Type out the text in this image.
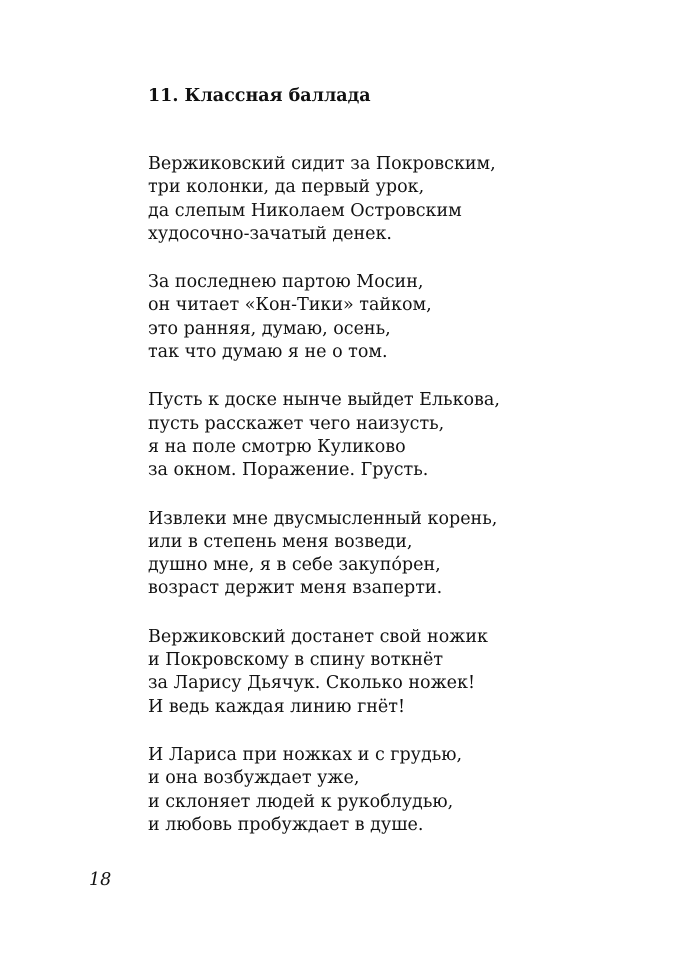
11. Классная баллада
Вержиковский сидит за Покровским,
три колонки, да первый урок,
да слепым Николаем Островским
худосочно-зачатый денек.
За последнею партою Мосин,
он читает «Кон-Тики» тайком,
это ранняя, думаю, осень,
так что думаю я не о том.
Пусть к доске нынче выйдет Елькова,
пусть расскажет чего наизусть,
я на поле смотрю Куликово
за окном. Поражение. Грусть.
Извлеки мне двусмысленный корень,
или в степень меня возведи,
душно мне, я в себе закупо́рен,
возраст держит меня взаперти.
Вержиковский достанет свой ножик
и Покровскому в спину воткнёт
за Ларису Дьячук. Сколько ножек!
И ведь каждая линию гнёт!
И Лариса при ножках и с грудью,
и она возбуждает уже,
и склоняет людей к рукоблудью,
и любовь пробуждает в душе.
18
